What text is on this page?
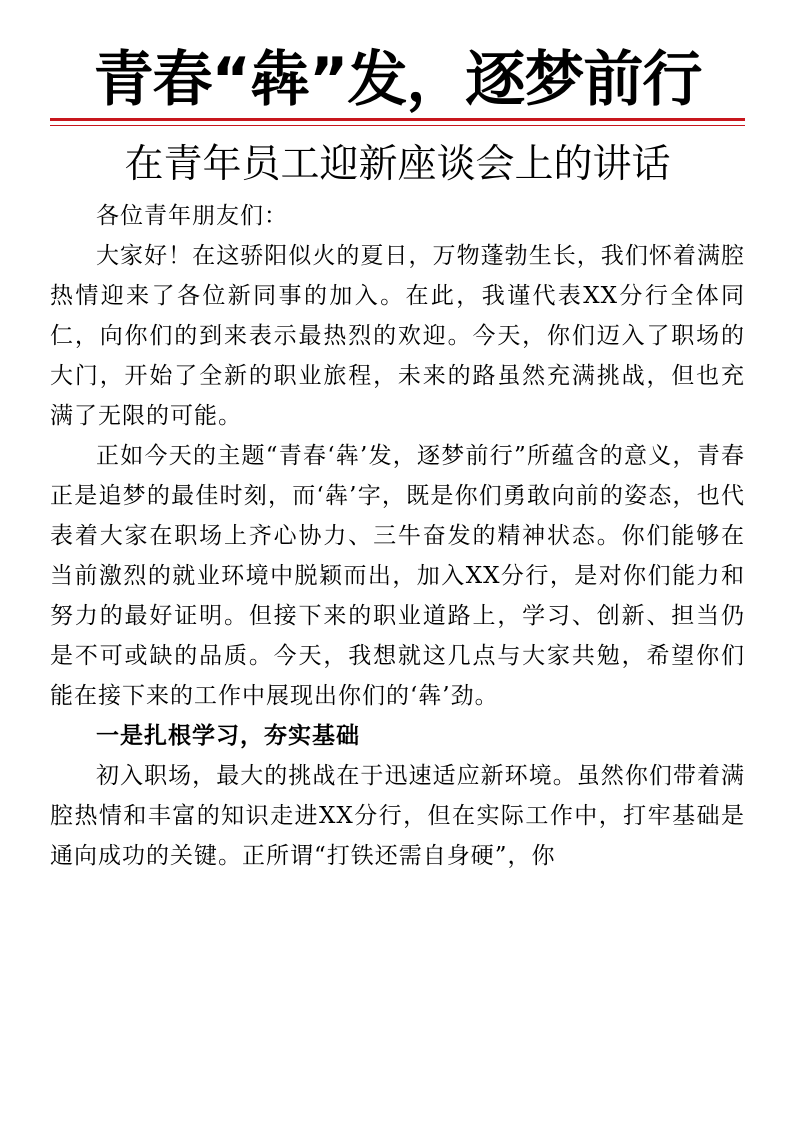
青春“犇”发，逐梦前行
在青年员工迎新座谈会上的讲话

各位青年朋友们：

大家好！在这骄阳似火的夏日，万物蓬勃生长，我们怀着满腔热情迎来了各位新同事的加入。在此，我谨代表XX分行全体同仁，向你们的到来表示最热烈的欢迎。今天，你们迈入了职场的大门，开始了全新的职业旅程，未来的路虽然充满挑战，但也充满了无限的可能。

正如今天的主题“青春‘犇’发，逐梦前行”所蕴含的意义，青春正是追梦的最佳时刻，而‘犇’字，既是你们勇敢向前的姿态，也代表着大家在职场上齐心协力、三牛奋发的精神状态。你们能够在当前激烈的就业环境中脱颖而出，加入XX分行，是对你们能力和努力的最好证明。但接下来的职业道路上，学习、创新、担当仍是不可或缺的品质。今天，我想就这几点与大家共勉，希望你们能在接下来的工作中展现出你们的‘犇’劲。

一是扎根学习，夯实基础

初入职场，最大的挑战在于迅速适应新环境。虽然你们带着满腔热情和丰富的知识走进XX分行，但在实际工作中，打牢基础是通向成功的关键。正所谓“打铁还需自身硬”，你
